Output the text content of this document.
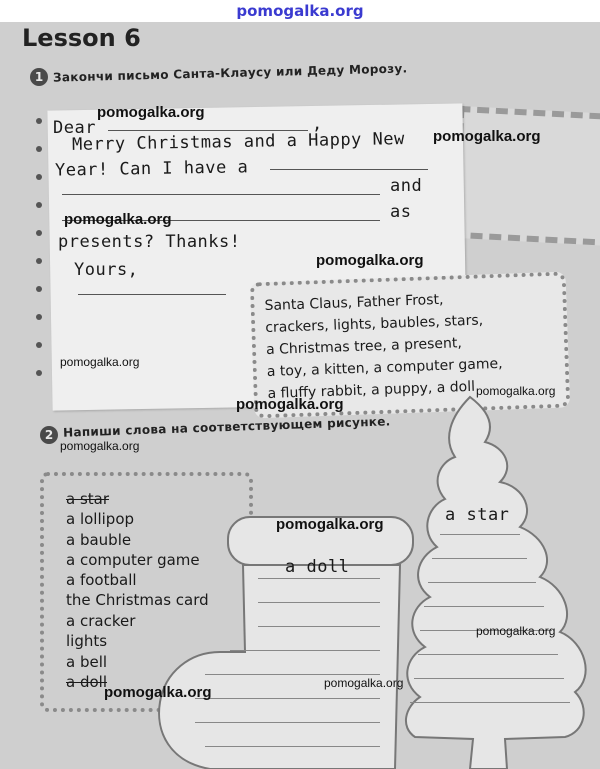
pomogalka.org
Lesson 6
1 Закончи письмо Санта-Клаусу или Деду Морозу.
Dear	,
Merry Christmas and a Happy New
Year! Can I have a
and
as
presents? Thanks!
Yours,
Santa Claus, Father Frost,
crackers, lights, baubles, stars,
a Christmas tree, a present,
a toy, a kitten, a computer game,
a fluffy rabbit, a puppy, a doll
2 Напиши слова на соответствующем рисунке.
a star
a lollipop
a bauble
a computer game
a football
the Christmas card
a cracker
lights
a bell
a doll
a star
a doll
pomogalka.org
pomogalka.org
pomogalka.org
pomogalka.org
pomogalka.org
pomogalka.org
pomogalka.org
pomogalka.org
pomogalka.org
pomogalka.org
pomogalka.org
pomogalka.org
